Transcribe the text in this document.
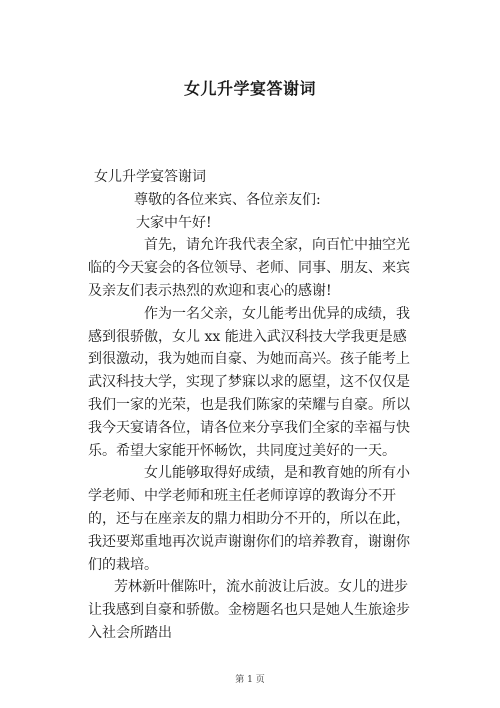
女儿升学宴答谢词

女儿升学宴答谢词

尊敬的各位来宾、各位亲友们:

大家中午好!

首先，请允许我代表全家，向百忙中抽空光临的今天宴会的各位领导、老师、同事、朋友、来宾及亲友们表示热烈的欢迎和衷心的感谢!

作为一名父亲，女儿能考出优异的成绩，我感到很骄傲，女儿 xx 能进入武汉科技大学我更是感到很激动，我为她而自豪、为她而高兴。孩子能考上武汉科技大学，实现了梦寐以求的愿望，这不仅仅是我们一家的光荣，也是我们陈家的荣耀与自豪。所以我今天宴请各位，请各位来分享我们全家的幸福与快乐。希望大家能开怀畅饮，共同度过美好的一天。

女儿能够取得好成绩，是和教育她的所有小学老师、中学老师和班主任老师谆谆的教诲分不开的，还与在座亲友的鼎力相助分不开的，所以在此，我还要郑重地再次说声谢谢你们的培养教育，谢谢你们的栽培。

芳林新叶催陈叶，流水前波让后波。女儿的进步让我感到自豪和骄傲。金榜题名也只是她人生旅途步入社会所踏出

第 1 页
